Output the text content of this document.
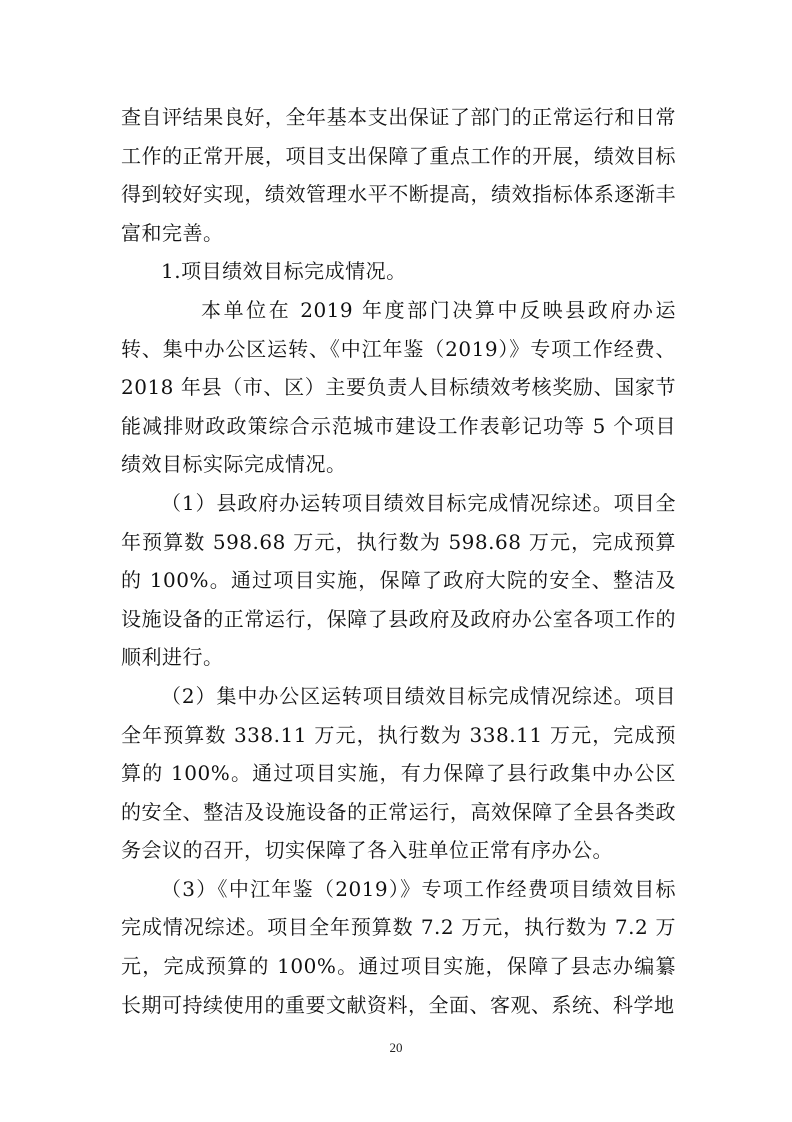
查自评结果良好，全年基本支出保证了部门的正常运行和日常工作的正常开展，项目支出保障了重点工作的开展，绩效目标得到较好实现，绩效管理水平不断提高，绩效指标体系逐渐丰富和完善。

1.项目绩效目标完成情况。

本单位在 2019 年度部门决算中反映县政府办运转、集中办公区运转、《中江年鉴（2019）》专项工作经费、2018 年县（市、区）主要负责人目标绩效考核奖励、国家节能减排财政政策综合示范城市建设工作表彰记功等 5 个项目绩效目标实际完成情况。

（1）县政府办运转项目绩效目标完成情况综述。项目全年预算数 598.68 万元，执行数为 598.68 万元，完成预算的 100%。通过项目实施，保障了政府大院的安全、整洁及设施设备的正常运行，保障了县政府及政府办公室各项工作的顺利进行。

（2）集中办公区运转项目绩效目标完成情况综述。项目全年预算数 338.11 万元，执行数为 338.11 万元，完成预算的 100%。通过项目实施，有力保障了县行政集中办公区的安全、整洁及设施设备的正常运行，高效保障了全县各类政务会议的召开，切实保障了各入驻单位正常有序办公。

（3）《中江年鉴（2019）》专项工作经费项目绩效目标完成情况综述。项目全年预算数 7.2 万元，执行数为 7.2 万元，完成预算的 100%。通过项目实施，保障了县志办编纂长期可持续使用的重要文献资料，全面、客观、系统、科学地

20
